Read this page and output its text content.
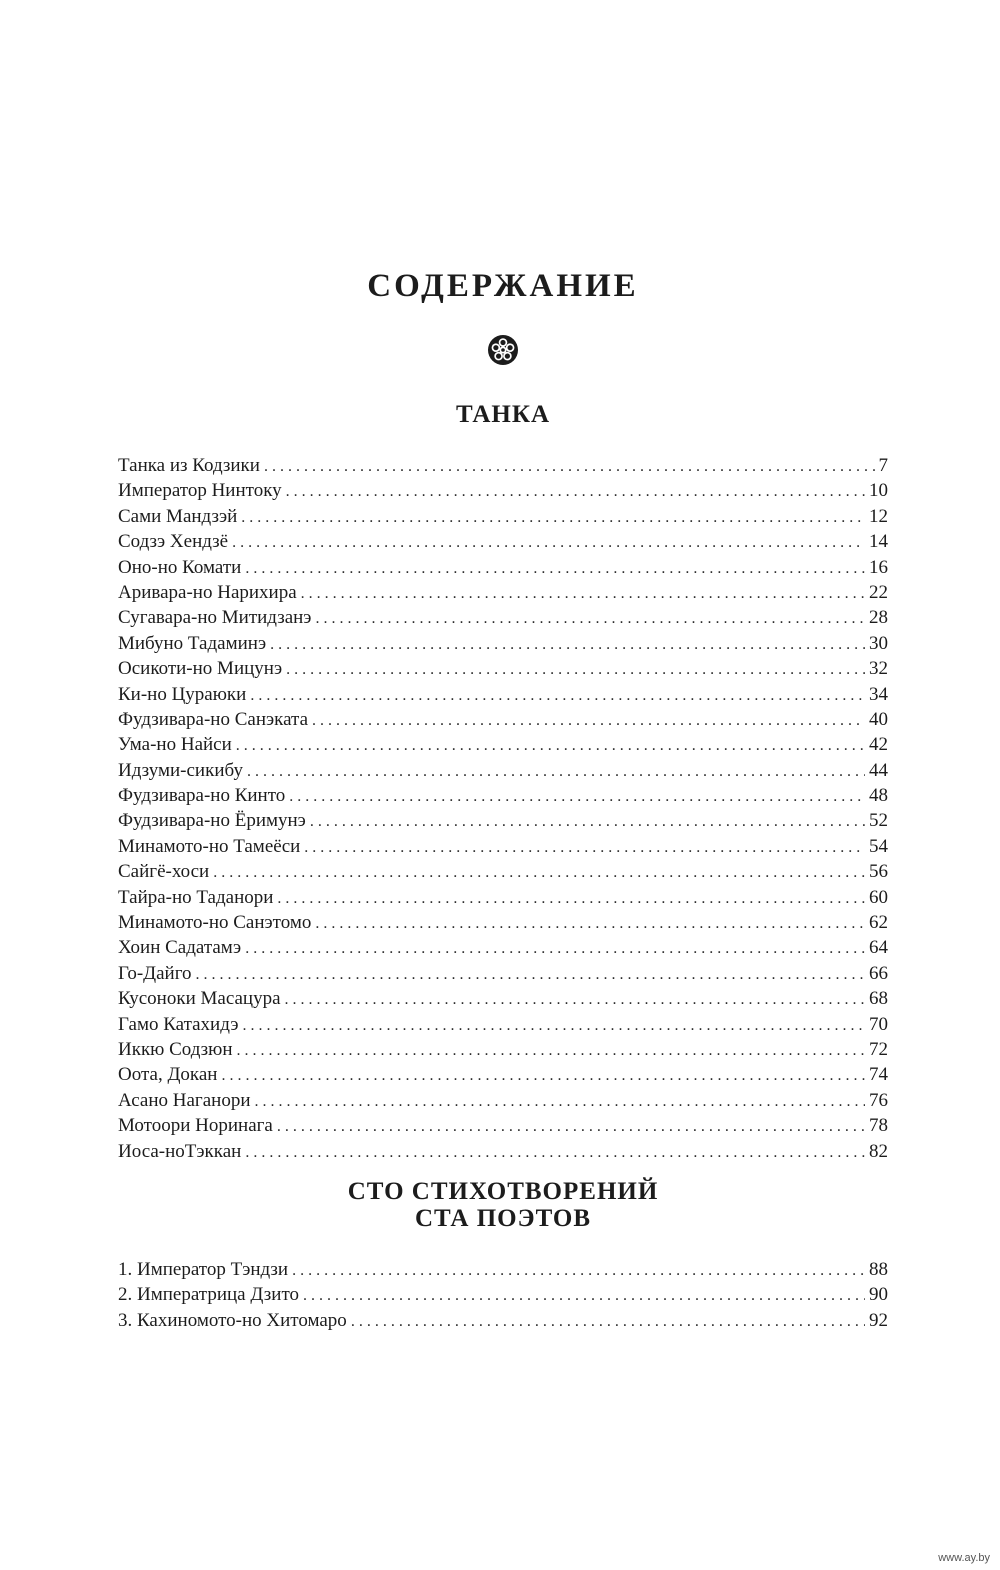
СОДЕРЖАНИЕ
ТАНКА
Танка из Кодзики . . .	7
Император Нинтоку . . .	10
Сами Мандзэй . . .	12
Содзэ Хендзё . . .	14
Оно-но Комати . . .	16
Аривара-но Нарихира . . .	22
Сугавара-но Митидзанэ . . .	28
Мибуно Тадаминэ . . .	30
Осикоти-но Мицунэ . . .	32
Ки-но Цураюки . . .	34
Фудзивара-но Санэката . . .	40
Ума-но Найси . . .	42
Идзуми-сикибу . . .	44
Фудзивара-но Кинто . . .	48
Фудзивара-но Ёримунэ . . .	52
Минамото-но Тамеёси . . .	54
Сайгё-хоси . . .	56
Тайра-но Таданори . . .	60
Минамото-но Санэтомо . . .	62
Хоин Садатамэ . . .	64
Го-Дайго . . .	66
Кусоноки Масацура . . .	68
Гамо Катахидэ . . .	70
Иккю Содзюн . . .	72
Оота, Докан . . .	74
Асано Наганори . . .	76
Мотоори Норинага . . .	78
Иоса-ноТэккан . . .	82
СТО СТИХОТВОРЕНИЙ
СТА ПОЭТОВ
1. Император Тэндзи . . .	88
2. Императрица Дзито . . .	90
3. Кахиномото-но Хитомаро . . .	92
www.ay.by
